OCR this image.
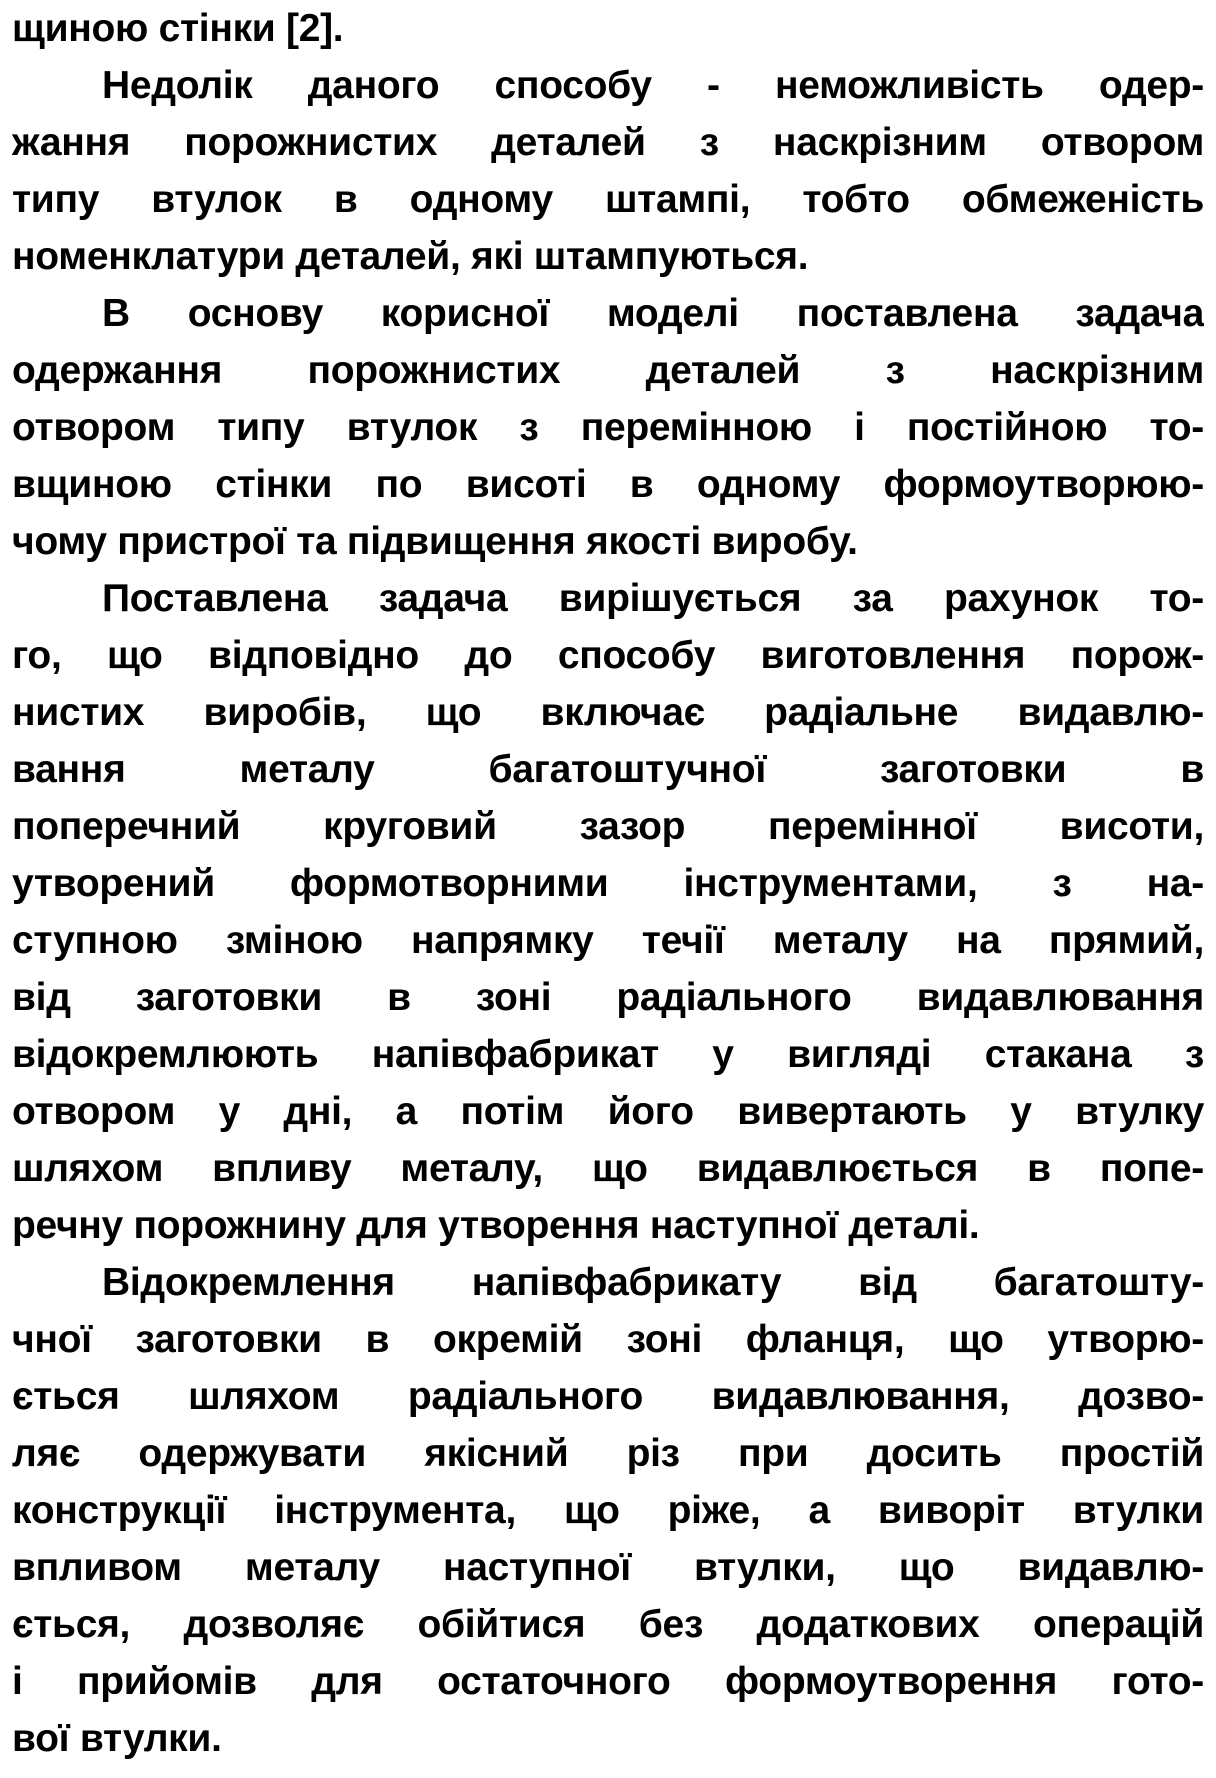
щиною стінки [2].
Недолік даного способу - неможливість одер-
жання порожнистих деталей з наскрізним отвором
типу втулок в одному штампі, тобто обмеженість
номенклатури деталей, які штампуються.
В основу корисної моделі поставлена задача
одержання порожнистих деталей з наскрізним
отвором типу втулок з перемінною і постійною то-
вщиною стінки по висоті в одному формоутворюю-
чому пристрої та підвищення якості виробу.
Поставлена задача вирішується за рахунок то-
го, що відповідно до способу виготовлення порож-
нистих виробів, що включає радіальне видавлю-
вання металу багатоштучної заготовки в
поперечний круговий зазор перемінної висоти,
утворений формотворними інструментами, з на-
ступною зміною напрямку течії металу на прямий,
від заготовки в зоні радіального видавлювання
відокремлюють напівфабрикат у вигляді стакана з
отвором у дні, а потім його вивертають у втулку
шляхом впливу металу, що видавлюється в попе-
речну порожнину для утворення наступної деталі.
Відокремлення напівфабрикату від багатошту-
чної заготовки в окремій зоні фланця, що утворю-
ється шляхом радіального видавлювання, дозво-
ляє одержувати якісний різ при досить простій
конструкції інструмента, що ріже, а виворіт втулки
впливом металу наступної втулки, що видавлю-
ється, дозволяє обійтися без додаткових операцій
і прийомів для остаточного формоутворення гото-
вої втулки.
